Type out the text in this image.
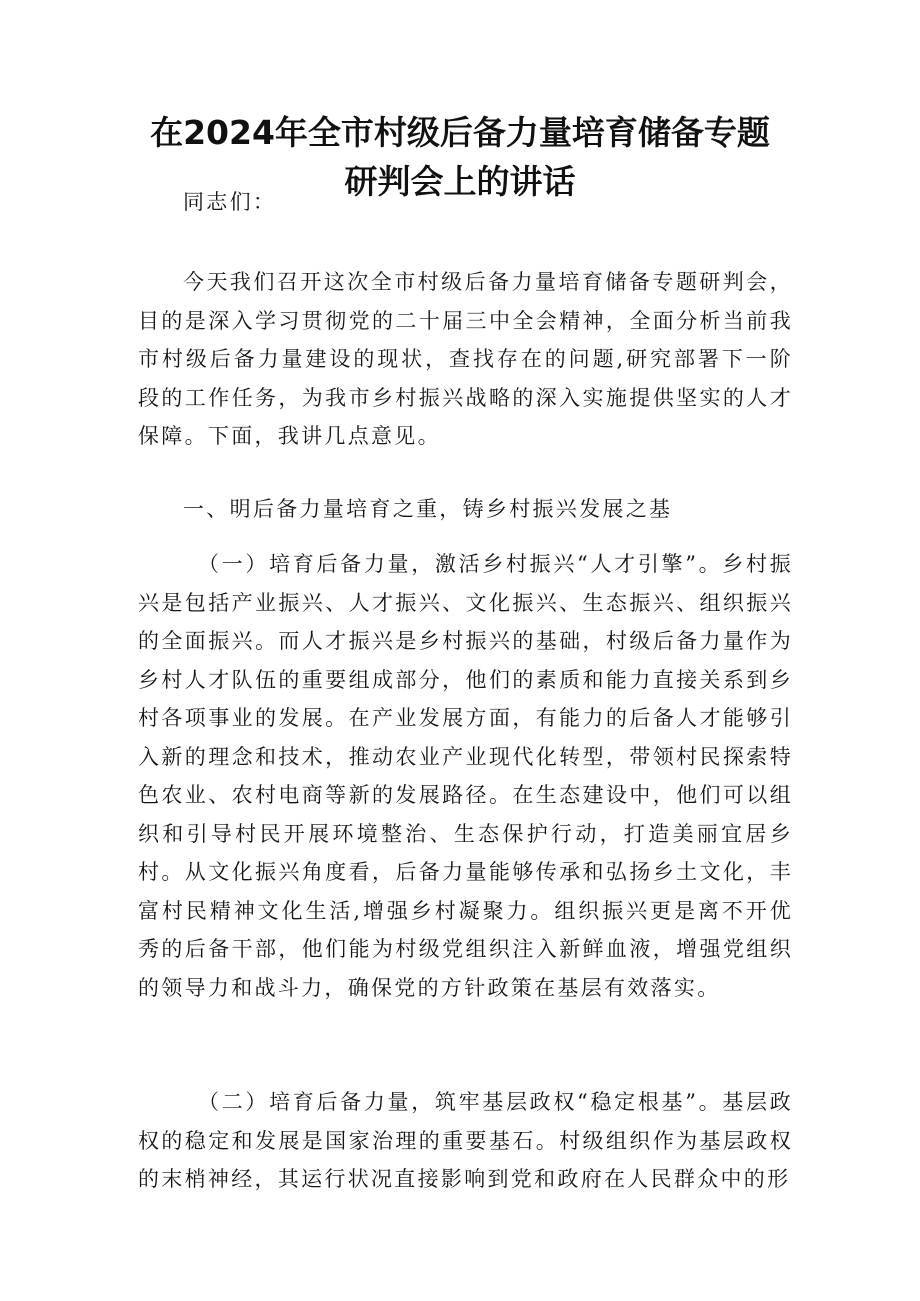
在2024年全市村级后备力量培育储备专题研判会上的讲话

同志们：

今天我们召开这次全市村级后备力量培育储备专题研判会，目的是深入学习贯彻党的二十届三中全会精神，全面分析当前我市村级后备力量建设的现状，查找存在的问题,研究部署下一阶段的工作任务，为我市乡村振兴战略的深入实施提供坚实的人才保障。下面，我讲几点意见。

一、明后备力量培育之重，铸乡村振兴发展之基

（一）培育后备力量，激活乡村振兴“人才引擎”。乡村振兴是包括产业振兴、人才振兴、文化振兴、生态振兴、组织振兴的全面振兴。而人才振兴是乡村振兴的基础，村级后备力量作为乡村人才队伍的重要组成部分，他们的素质和能力直接关系到乡村各项事业的发展。在产业发展方面，有能力的后备人才能够引入新的理念和技术，推动农业产业现代化转型，带领村民探索特色农业、农村电商等新的发展路径。在生态建设中，他们可以组织和引导村民开展环境整治、生态保护行动，打造美丽宜居乡村。从文化振兴角度看，后备力量能够传承和弘扬乡土文化，丰富村民精神文化生活,增强乡村凝聚力。组织振兴更是离不开优秀的后备干部，他们能为村级党组织注入新鲜血液，增强党组织的领导力和战斗力，确保党的方针政策在基层有效落实。

（二）培育后备力量，筑牢基层政权“稳定根基”。基层政权的稳定和发展是国家治理的重要基石。村级组织作为基层政权的末梢神经，其运行状况直接影响到党和政府在人民群众中的形
